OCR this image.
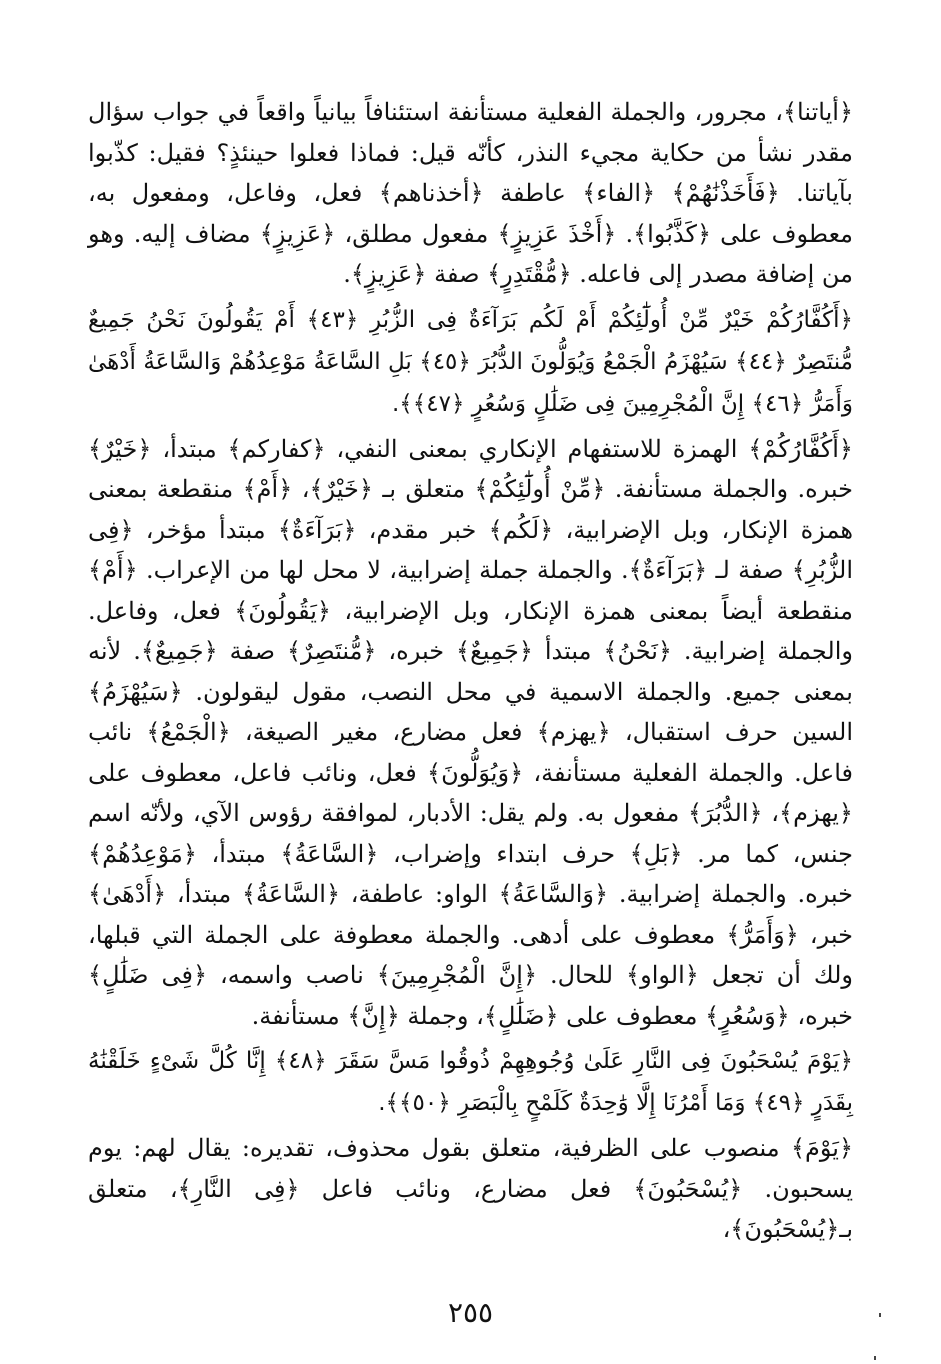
﴿أياتنا﴾، مجرور، والجملة الفعلية مستأنفة استئنافاً بيانياً واقعاً في جواب سؤال مقدر نشأ من حكاية مجيء النذر، كأنّه قيل: فماذا فعلوا حينئذٍ؟ فقيل: كذّبوا بآياتنا. ﴿فَأَخَذْنَٰهُمْ﴾ ﴿الفاء﴾ عاطفة ﴿أخذناهم﴾ فعل، وفاعل، ومفعول به، معطوف على ﴿كَذَّبُوا﴾. ﴿أَخْذَ عَزِيزٍ﴾ مفعول مطلق، ﴿عَزِيزٍ﴾ مضاف إليه. وهو من إضافة مصدر إلى فاعله. ﴿مُّقْتَدِرٍ﴾ صفة ﴿عَزِيزٍ﴾.

﴿أَكُفَّارُكُمْ خَيْرٌ مِّنْ أُولَٰٓئِكُمْ أَمْ لَكُم بَرَآءَةٌ فِى الزُّبُرِ ﴿٤٣﴾ أَمْ يَقُولُونَ نَحْنُ جَمِيعٌ مُّنتَصِرٌ ﴿٤٤﴾ سَيُهْزَمُ الْجَمْعُ وَيُوَلُّونَ الدُّبُرَ ﴿٤٥﴾ بَلِ السَّاعَةُ مَوْعِدُهُمْ وَالسَّاعَةُ أَدْهَىٰ وَأَمَرُّ ﴿٤٦﴾ إِنَّ الْمُجْرِمِينَ فِى ضَلَٰلٍ وَسُعُرٍ ﴿٤٧﴾﴾.

﴿أَكُفَّارُكُمْ﴾ الهمزة للاستفهام الإنكاري بمعنى النفي، ﴿كفاركم﴾ مبتدأ، ﴿خَيْرٌ﴾ خبره. والجملة مستأنفة. ﴿مِّنْ أُولَٰٓئِكُمْ﴾ متعلق بـ ﴿خَيْرٌ﴾، ﴿أَمْ﴾ منقطعة بمعنى همزة الإنكار، وبل الإضرابية، ﴿لَكُم﴾ خبر مقدم، ﴿بَرَآءَةٌ﴾ مبتدأ مؤخر، ﴿فِى الزُّبُرِ﴾ صفة لـ ﴿بَرَآءَةٌ﴾. والجملة جملة إضرابية، لا محل لها من الإعراب. ﴿أَمْ﴾ منقطعة أيضاً بمعنى همزة الإنكار، وبل الإضرابية، ﴿يَقُولُونَ﴾ فعل، وفاعل. والجملة إضرابية. ﴿نَحْنُ﴾ مبتدأ ﴿جَمِيعٌ﴾ خبره، ﴿مُّنتَصِرٌ﴾ صفة ﴿جَمِيعٌ﴾. لأنه بمعنى جميع. والجملة الاسمية في محل النصب، مقول ليقولون. ﴿سَيُهْزَمُ﴾ السين حرف استقبال، ﴿يهزم﴾ فعل مضارع، مغير الصيغة، ﴿الْجَمْعُ﴾ نائب فاعل. والجملة الفعلية مستأنفة، ﴿وَيُوَلُّونَ﴾ فعل، ونائب فاعل، معطوف على ﴿يهزم﴾، ﴿الدُّبُرَ﴾ مفعول به. ولم يقل: الأدبار، لموافقة رؤوس الآي، ولأنّه اسم جنس، كما مر. ﴿بَلِ﴾ حرف ابتداء وإضراب، ﴿السَّاعَةُ﴾ مبتدأ، ﴿مَوْعِدُهُمْ﴾ خبره. والجملة إضرابية. ﴿وَالسَّاعَةُ﴾ الواو: عاطفة، ﴿السَّاعَةُ﴾ مبتدأ، ﴿أَدْهَىٰ﴾ خبر، ﴿وَأَمَرُّ﴾ معطوف على أدهى. والجملة معطوفة على الجملة التي قبلها، ولك أن تجعل ﴿الواو﴾ للحال. ﴿إِنَّ الْمُجْرِمِينَ﴾ ناصب واسمه، ﴿فِى ضَلَٰلٍ﴾ خبره، ﴿وَسُعُرٍ﴾ معطوف على ﴿ضَلَٰلٍ﴾، وجملة ﴿إِنَّ﴾ مستأنفة.

﴿يَوْمَ يُسْحَبُونَ فِى النَّارِ عَلَىٰ وُجُوهِهِمْ ذُوقُوا مَسَّ سَقَرَ ﴿٤٨﴾ إِنَّا كُلَّ شَىْءٍ خَلَقْنَٰهُ بِقَدَرٍ ﴿٤٩﴾ وَمَا أَمْرُنَا إِلَّا وَٰحِدَةٌ كَلَمْحٍ بِالْبَصَرِ ﴿٥٠﴾﴾.

﴿يَوْمَ﴾ منصوب على الظرفية، متعلق بقول محذوف، تقديره: يقال لهم: يوم يسحبون. ﴿يُسْحَبُونَ﴾ فعل مضارع، ونائب فاعل ﴿فِى النَّارِ﴾، متعلق بـ﴿يُسْحَبُونَ﴾،

٢٥٥
